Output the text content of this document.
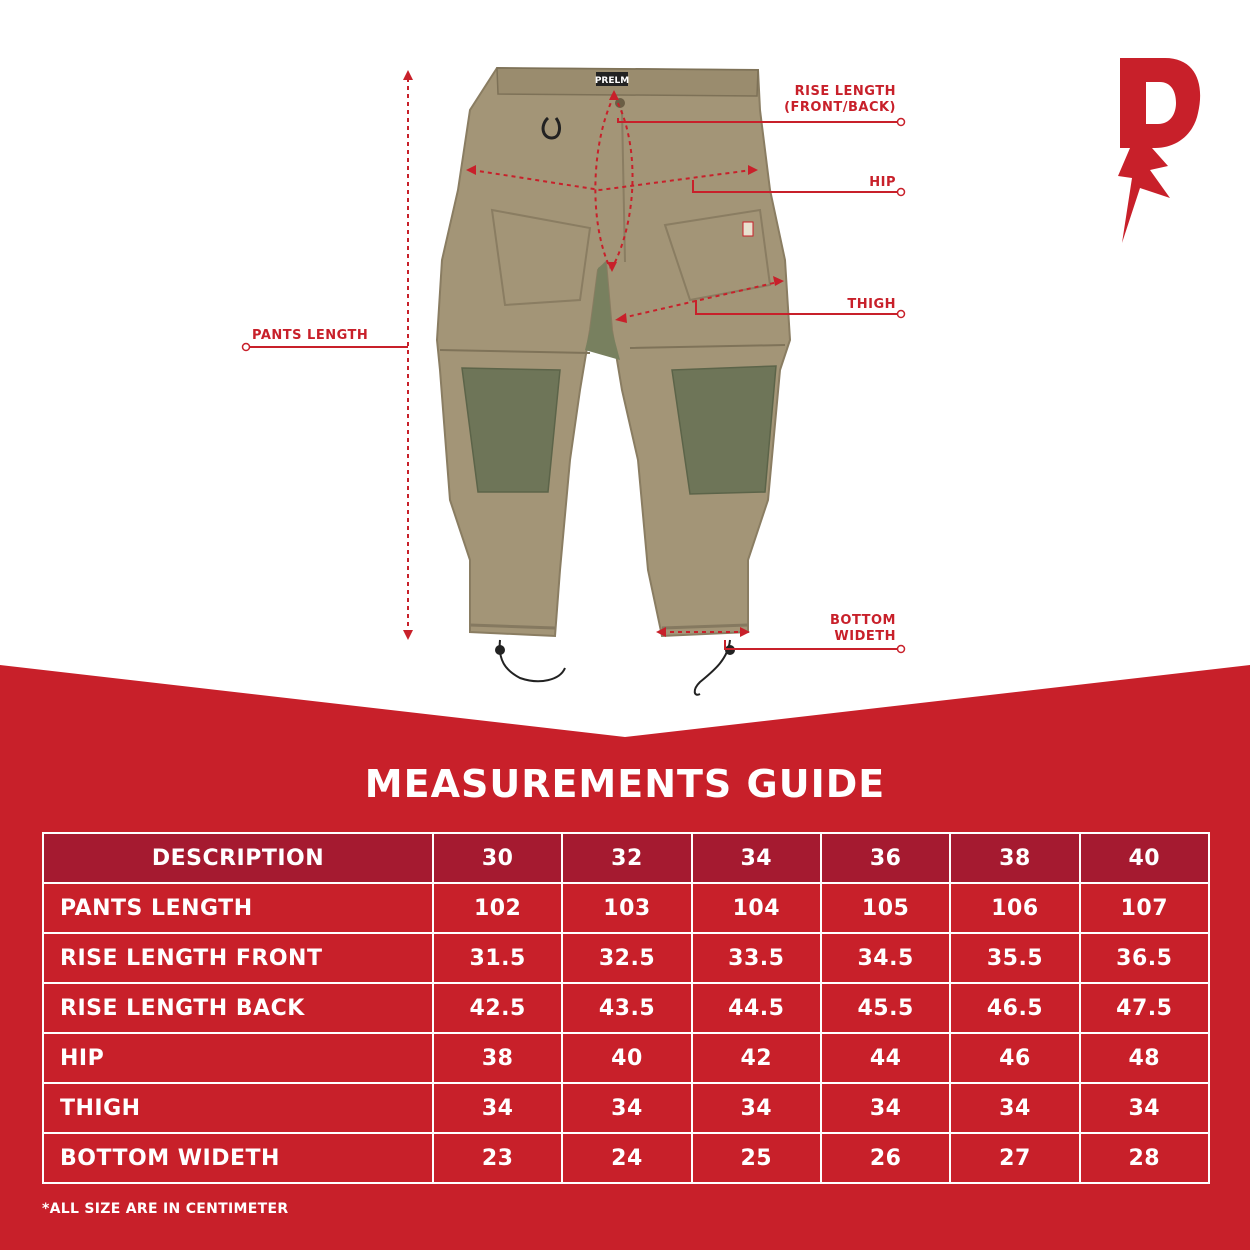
PRELM
RISE LENGTH
(FRONT/BACK)
HIP
THIGH
PANTS LENGTH
BOTTOM
WIDETH
MEASUREMENTS GUIDE
DESCRIPTION	30	32	34	36	38	40
PANTS LENGTH	102	103	104	105	106	107
RISE LENGTH FRONT	31.5	32.5	33.5	34.5	35.5	36.5
RISE LENGTH BACK	42.5	43.5	44.5	45.5	46.5	47.5
HIP	38	40	42	44	46	48
THIGH	34	34	34	34	34	34
BOTTOM WIDETH	23	24	25	26	27	28
*ALL SIZE ARE IN CENTIMETER
